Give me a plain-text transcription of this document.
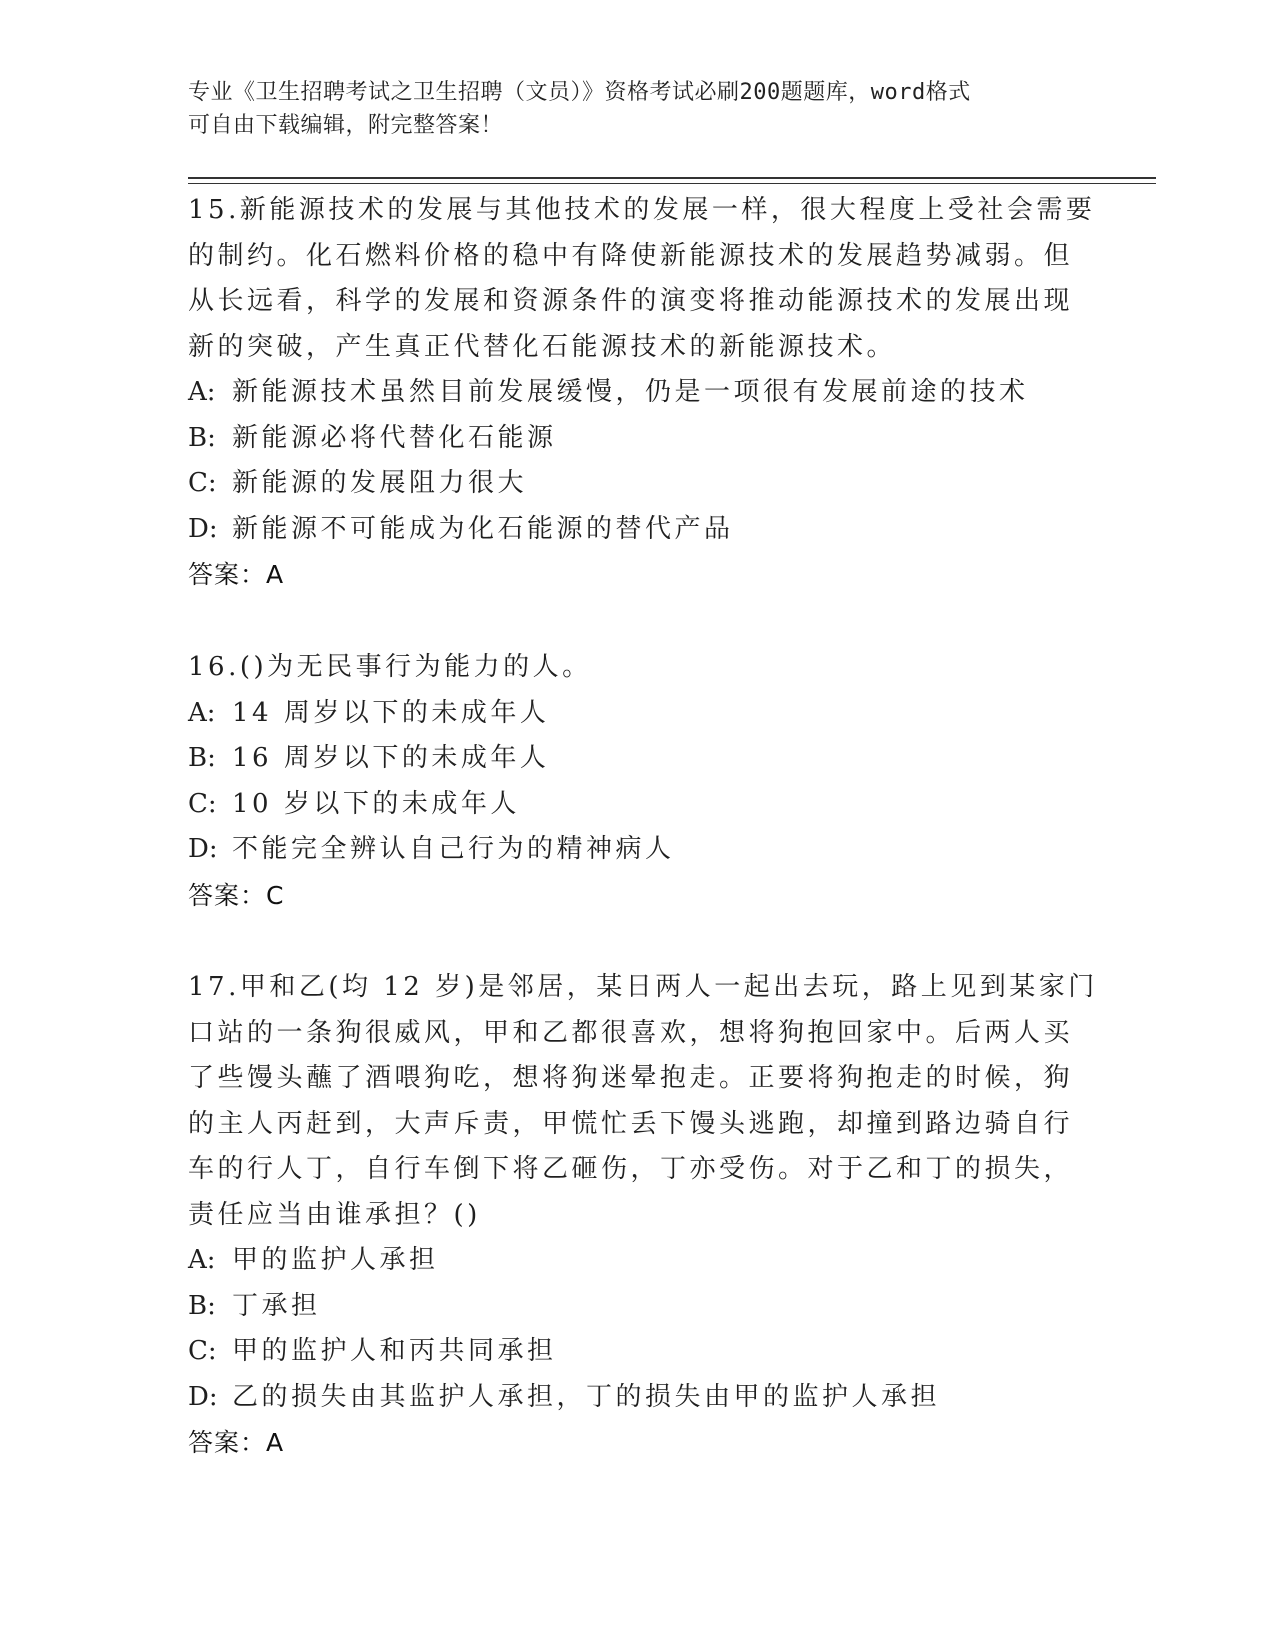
专业《卫生招聘考试之卫生招聘（文员）》资格考试必刷200题题库，word格式
可自由下载编辑，附完整答案！
15.新能源技术的发展与其他技术的发展一样，很大程度上受社会需要
的制约。化石燃料价格的稳中有降使新能源技术的发展趋势减弱。但
从长远看，科学的发展和资源条件的演变将推动能源技术的发展出现
新的突破，产生真正代替化石能源技术的新能源技术。
A: 新能源技术虽然目前发展缓慢，仍是一项很有发展前途的技术
B: 新能源必将代替化石能源
C: 新能源的发展阻力很大
D: 新能源不可能成为化石能源的替代产品
答案：A
16.()为无民事行为能力的人。
A: 14 周岁以下的未成年人
B: 16 周岁以下的未成年人
C: 10 岁以下的未成年人
D: 不能完全辨认自己行为的精神病人
答案：C
17.甲和乙(均 12 岁)是邻居，某日两人一起出去玩，路上见到某家门
口站的一条狗很威风，甲和乙都很喜欢，想将狗抱回家中。后两人买
了些馒头蘸了酒喂狗吃，想将狗迷晕抱走。正要将狗抱走的时候，狗
的主人丙赶到，大声斥责，甲慌忙丢下馒头逃跑，却撞到路边骑自行
车的行人丁，自行车倒下将乙砸伤，丁亦受伤。对于乙和丁的损失，
责任应当由谁承担？()
A: 甲的监护人承担
B: 丁承担
C: 甲的监护人和丙共同承担
D: 乙的损失由其监护人承担，丁的损失由甲的监护人承担
答案：A
